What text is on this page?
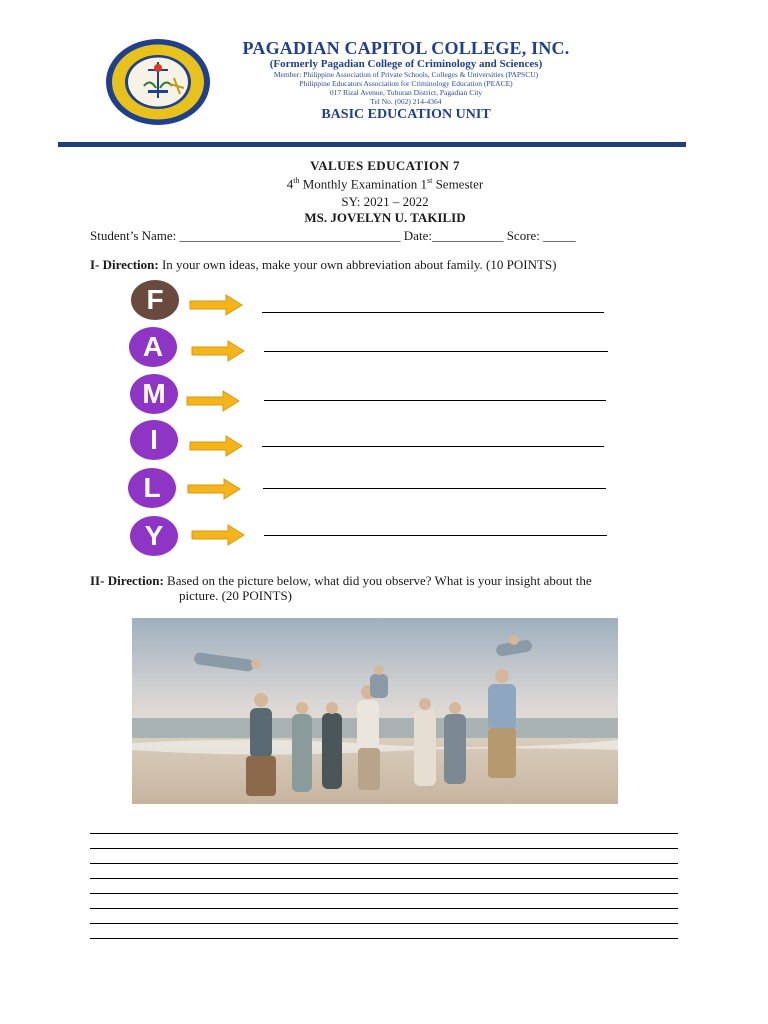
PAGADIAN CAPITOL COLLEGE, INC.
(Formerly Pagadian College of Criminology and Sciences)
Member: Philippine Association of Private Schools, Colleges & Universities (PAPSCU)
Philippine Educators Association for Criminology Education (PEACE)
017 Rizal Avenue, Tuburan District, Pagadian City
Tel No. (062) 214-4364
BASIC EDUCATION UNIT
VALUES EDUCATION 7
4th Monthly Examination 1st Semester
SY: 2021 – 2022
MS. JOVELYN U. TAKILID
Student’s Name: __________________________________ Date:___________ Score: _____
I- Direction: In your own ideas, make your own abbreviation about family. (10 POINTS)
F
A
M
I
L
Y
II- Direction: Based on the picture below, what did you observe? What is your insight about the
picture. (20 POINTS)
